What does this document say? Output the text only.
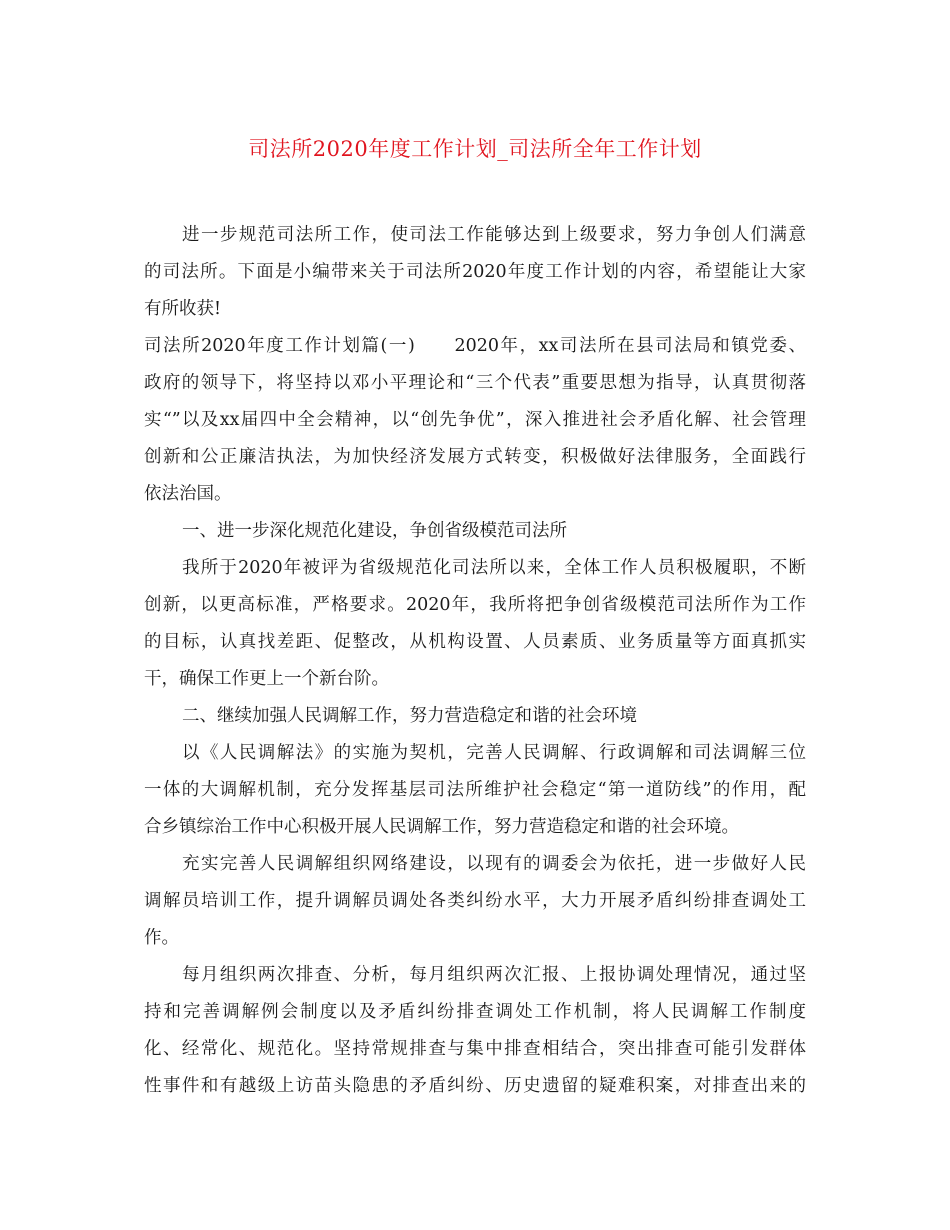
司法所2020年度工作计划_司法所全年工作计划
进一步规范司法所工作，使司法工作能够达到上级要求，努力争创人们满意
的司法所。下面是小编带来关于司法所2020年度工作计划的内容，希望能让大家
有所收获!
司法所2020年度工作计划篇(一)　　2020年，xx司法所在县司法局和镇党委、
政府的领导下，将坚持以邓小平理论和“三个代表”重要思想为指导，认真贯彻落
实“”以及xx届四中全会精神，以“创先争优”，深入推进社会矛盾化解、社会管理
创新和公正廉洁执法，为加快经济发展方式转变，积极做好法律服务，全面践行
依法治国。
一、进一步深化规范化建设，争创省级模范司法所
我所于2020年被评为省级规范化司法所以来，全体工作人员积极履职，不断
创新，以更高标准，严格要求。2020年，我所将把争创省级模范司法所作为工作
的目标，认真找差距、促整改，从机构设置、人员素质、业务质量等方面真抓实
干，确保工作更上一个新台阶。
二、继续加强人民调解工作，努力营造稳定和谐的社会环境
以《人民调解法》的实施为契机，完善人民调解、行政调解和司法调解三位
一体的大调解机制，充分发挥基层司法所维护社会稳定“第一道防线”的作用，配
合乡镇综治工作中心积极开展人民调解工作，努力营造稳定和谐的社会环境。
充实完善人民调解组织网络建设，以现有的调委会为依托，进一步做好人民
调解员培训工作，提升调解员调处各类纠纷水平，大力开展矛盾纠纷排查调处工
作。
每月组织两次排查、分析，每月组织两次汇报、上报协调处理情况，通过坚
持和完善调解例会制度以及矛盾纠纷排查调处工作机制，将人民调解工作制度
化、经常化、规范化。坚持常规排查与集中排查相结合，突出排查可能引发群体
性事件和有越级上访苗头隐患的矛盾纠纷、历史遗留的疑难积案，对排查出来的
